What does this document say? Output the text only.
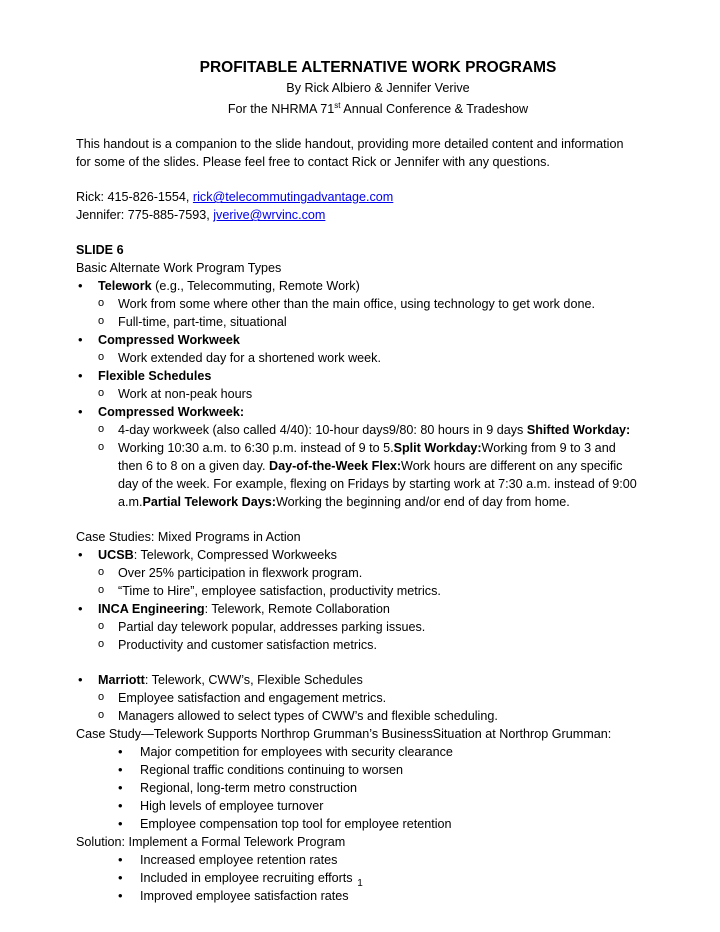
PROFITABLE ALTERNATIVE WORK PROGRAMS
By Rick Albiero & Jennifer Verive
For the NHRMA 71st Annual Conference & Tradeshow
This handout is a companion to the slide handout, providing more detailed content and information
for some of the slides. Please feel free to contact Rick or Jennifer with any questions.
Rick: 415-826-1554, rick@telecommutingadvantage.com
Jennifer: 775-885-7593, jverive@wrvinc.com
SLIDE 6
Basic Alternate Work Program Types
• Telework (e.g., Telecommuting, Remote Work)
o Work from some where other than the main office, using technology to get work done.
o Full-time, part-time, situational
• Compressed Workweek
o Work extended day for a shortened work week.
• Flexible Schedules
o Work at non-peak hours
• Compressed Workweek:
o 4-day workweek (also called 4/40): 10-hour days9/80: 80 hours in 9 days Shifted Workday:
o Working 10:30 a.m. to 6:30 p.m. instead of 9 to 5.Split Workday:Working from 9 to 3 and then 6 to 8 on a given day. Day-of-the-Week Flex:Work hours are different on any specific day of the week. For example, flexing on Fridays by starting work at 7:30 a.m. instead of 9:00 a.m.Partial Telework Days:Working the beginning and/or end of day from home.
Case Studies: Mixed Programs in Action
• UCSB: Telework, Compressed Workweeks
o Over 25% participation in flexwork program.
o “Time to Hire”, employee satisfaction, productivity metrics.
• INCA Engineering: Telework, Remote Collaboration
o Partial day telework popular, addresses parking issues.
o Productivity and customer satisfaction metrics.
• Marriott: Telework, CWW’s, Flexible Schedules
o Employee satisfaction and engagement metrics.
o Managers allowed to select types of CWW’s and flexible scheduling.
Case Study—Telework Supports Northrop Grumman’s BusinessSituation at Northrop Grumman:
• Major competition for employees with security clearance
• Regional traffic conditions continuing to worsen
• Regional, long-term metro construction
• High levels of employee turnover
• Employee compensation top tool for employee retention
Solution: Implement a Formal Telework Program
• Increased employee retention rates
• Included in employee recruiting efforts
• Improved employee satisfaction rates
1
